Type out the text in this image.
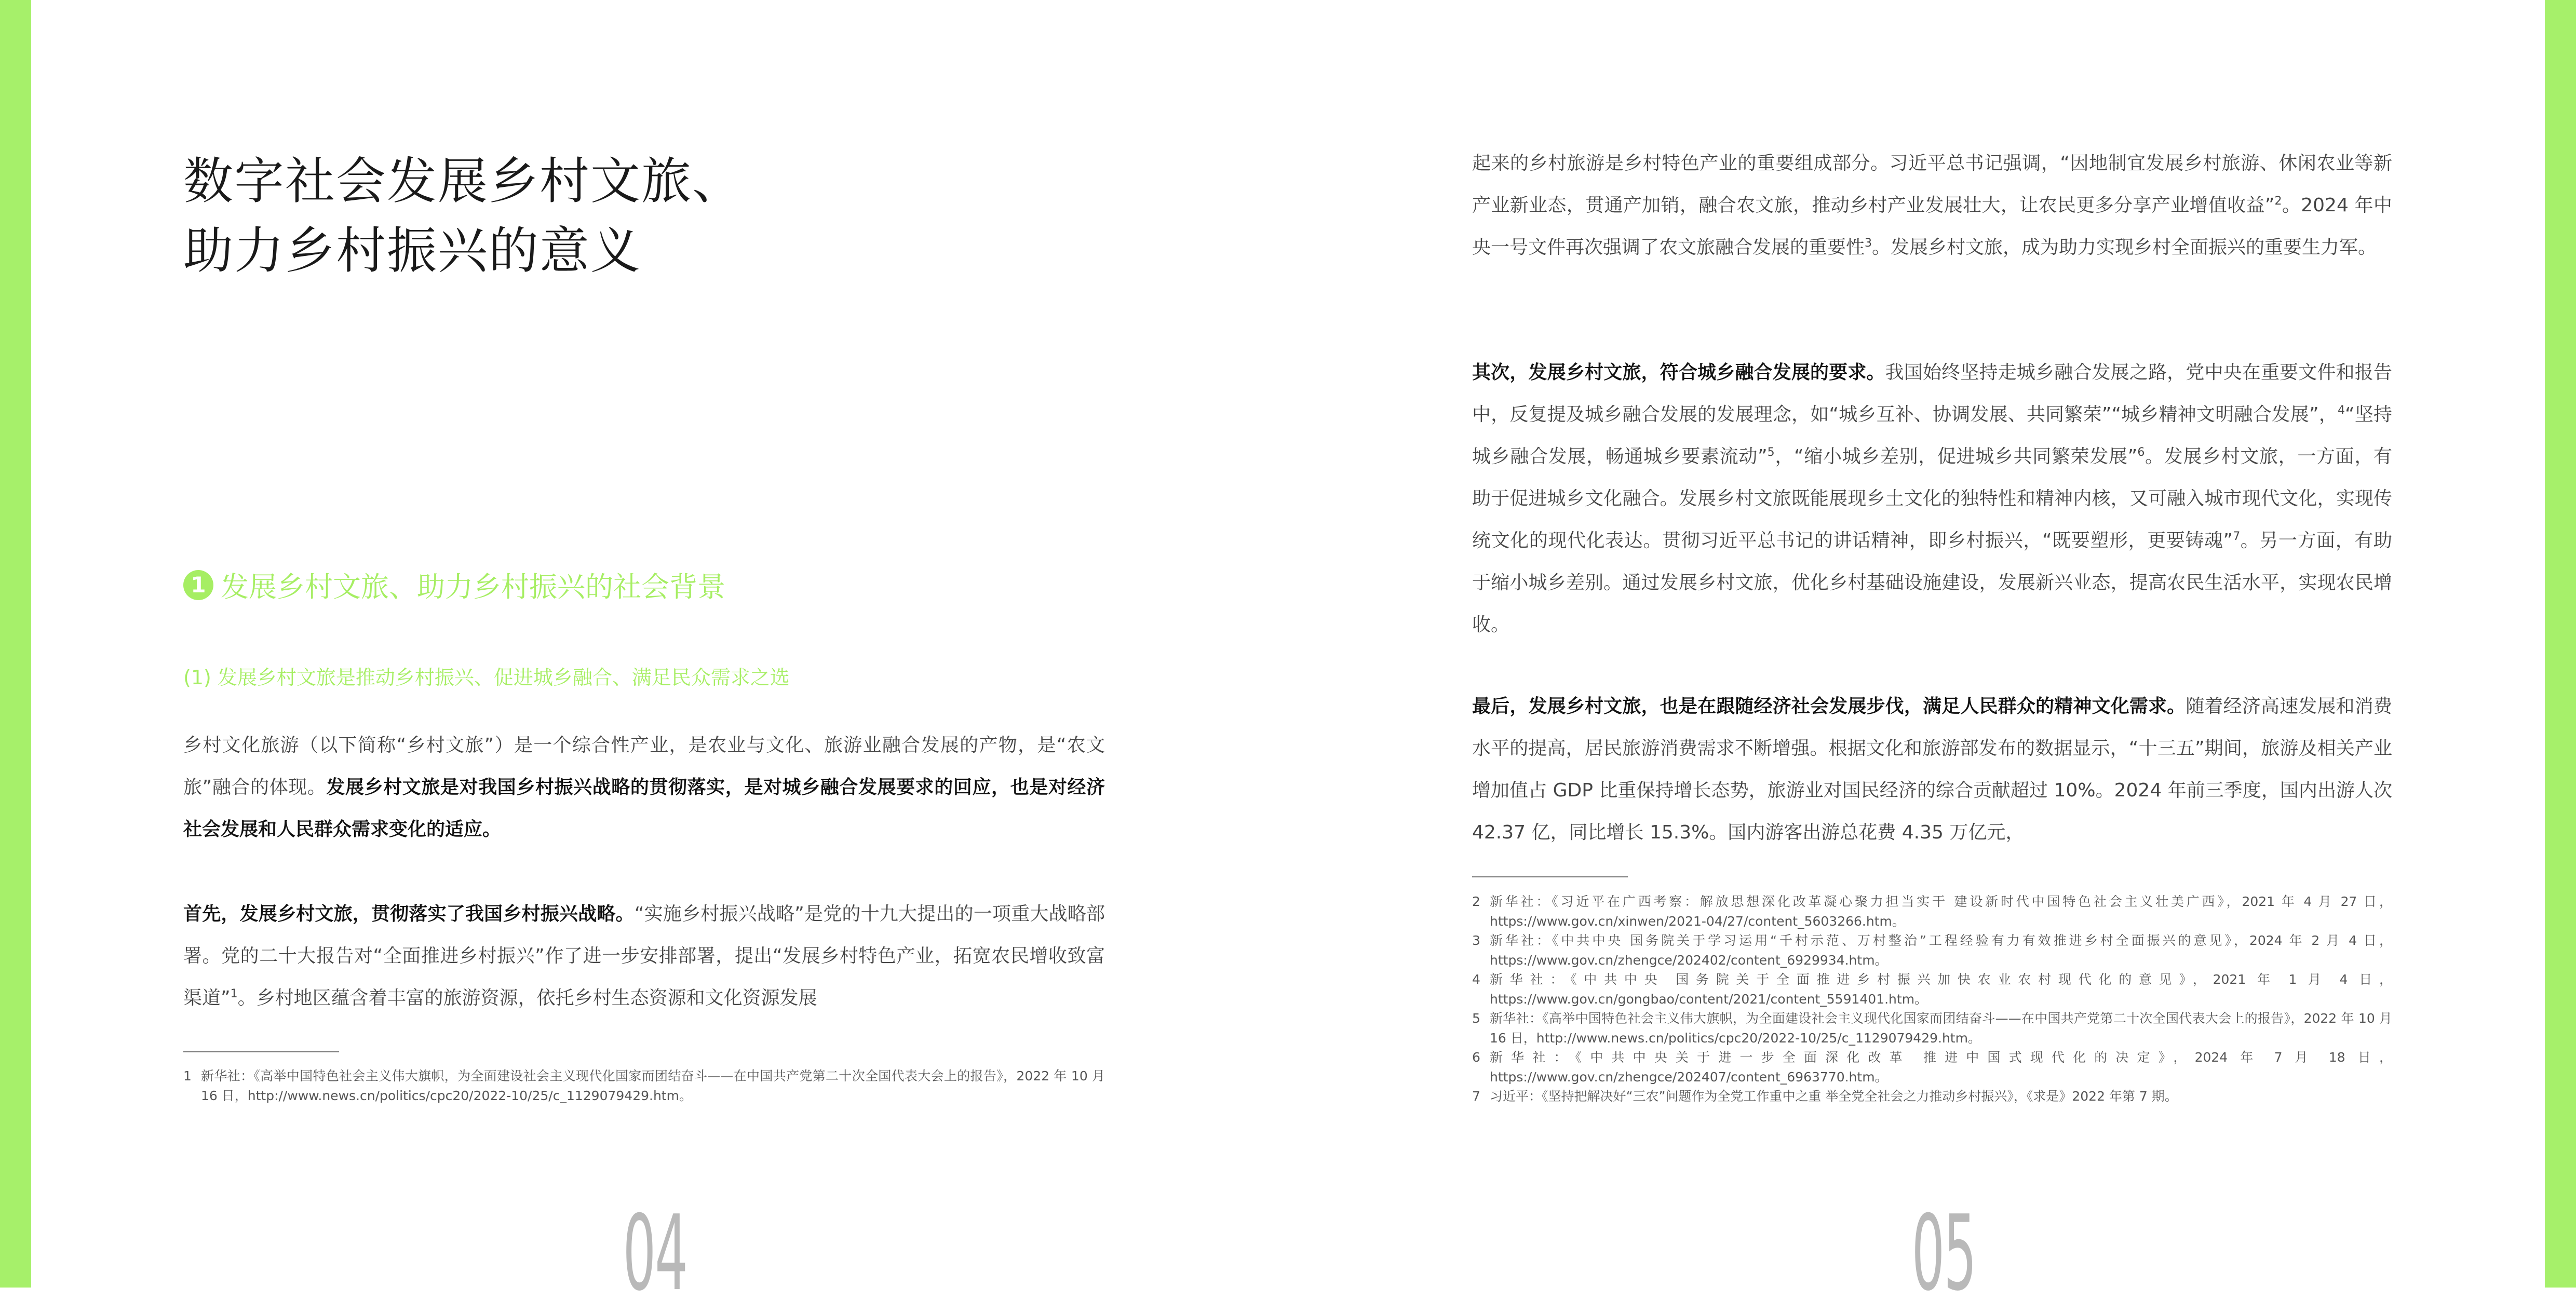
数字社会发展乡村文旅、
助力乡村振兴的意义
1 发展乡村文旅、助力乡村振兴的社会背景
(1) 发展乡村文旅是推动乡村振兴、促进城乡融合、满足民众需求之选

乡村文化旅游（以下简称“乡村文旅”）是一个综合性产业，是农业与文化、旅游业融合发展的产物，是“农文旅”融合的体现。发展乡村文旅是对我国乡村振兴战略的贯彻落实，是对城乡融合发展要求的回应，也是对经济社会发展和人民群众需求变化的适应。

首先，发展乡村文旅，贯彻落实了我国乡村振兴战略。“实施乡村振兴战略”是党的十九大提出的一项重大战略部署。党的二十大报告对“全面推进乡村振兴”作了进一步安排部署，提出“发展乡村特色产业，拓宽农民增收致富渠道”$^1$。乡村地区蕴含着丰富的旅游资源，依托乡村生态资源和文化资源发展

1 新华社：《高举中国特色社会主义伟大旗帜，为全面建设社会主义现代化国家而团结奋斗——在中国共产党第二十次全国代表大会上的报告》，2022 年 10 月 16 日，http://www.news.cn/politics/cpc20/2022-10/25/c_1129079429.htm。
04

起来的乡村旅游是乡村特色产业的重要组成部分。习近平总书记强调，“因地制宜发展乡村旅游、休闲农业等新产业新业态，贯通产加销，融合农文旅，推动乡村产业发展壮大，让农民更多分享产业增值收益”$^2$。2024 年中央一号文件再次强调了农文旅融合发展的重要性$^3$。发展乡村文旅，成为助力实现乡村全面振兴的重要生力军。

其次，发展乡村文旅，符合城乡融合发展的要求。我国始终坚持走城乡融合发展之路，党中央在重要文件和报告中，反复提及城乡融合发展的发展理念，如“城乡互补、协调发展、共同繁荣”“城乡精神文明融合发展”，$^4$“坚持城乡融合发展，畅通城乡要素流动”$^5$，“缩小城乡差别，促进城乡共同繁荣发展”$^6$。发展乡村文旅，一方面，有助于促进城乡文化融合。发展乡村文旅既能展现乡土文化的独特性和精神内核，又可融入城市现代文化，实现传统文化的现代化表达。贯彻习近平总书记的讲话精神，即乡村振兴，“既要塑形，更要铸魂”$^7$。另一方面，有助于缩小城乡差别。通过发展乡村文旅，优化乡村基础设施建设，发展新兴业态，提高农民生活水平，实现农民增收。

最后，发展乡村文旅，也是在跟随经济社会发展步伐，满足人民群众的精神文化需求。随着经济高速发展和消费水平的提高，居民旅游消费需求不断增强。根据文化和旅游部发布的数据显示，“十三五”期间，旅游及相关产业增加值占 GDP 比重保持增长态势，旅游业对国民经济的综合贡献超过 10%。2024 年前三季度，国内出游人次 42.37 亿，同比增长 15.3%。国内游客出游总花费 4.35 万亿元，

2 新华社：《习近平在广西考察：解放思想深化改革凝心聚力担当实干 建设新时代中国特色社会主义壮美广西》，2021 年 4 月 27 日，https://www.gov.cn/xinwen/2021-04/27/content_5603266.htm。
3 新华社：《中共中央 国务院关于学习运用“千村示范、万村整治”工程经验有力有效推进乡村全面振兴的意见》，2024 年 2 月 4 日，https://www.gov.cn/zhengce/202402/content_6929934.htm。
4 新华社：《中共中央 国务院关于全面推进乡村振兴加快农业农村现代化的意见》，2021 年 1 月 4 日，https://www.gov.cn/gongbao/content/2021/content_5591401.htm。
5 新华社：《高举中国特色社会主义伟大旗帜，为全面建设社会主义现代化国家而团结奋斗——在中国共产党第二十次全国代表大会上的报告》，2022 年 10 月 16 日，http://www.news.cn/politics/cpc20/2022-10/25/c_1129079429.htm。
6 新华社：《中共中央关于进一步全面深化改革 推进中国式现代化的决定》，2024 年 7 月 18 日，https://www.gov.cn/zhengce/202407/content_6963770.htm。
7 习近平：《坚持把解决好“三农”问题作为全党工作重中之重 举全党全社会之力推动乡村振兴》，《求是》2022 年第 7 期。
05
